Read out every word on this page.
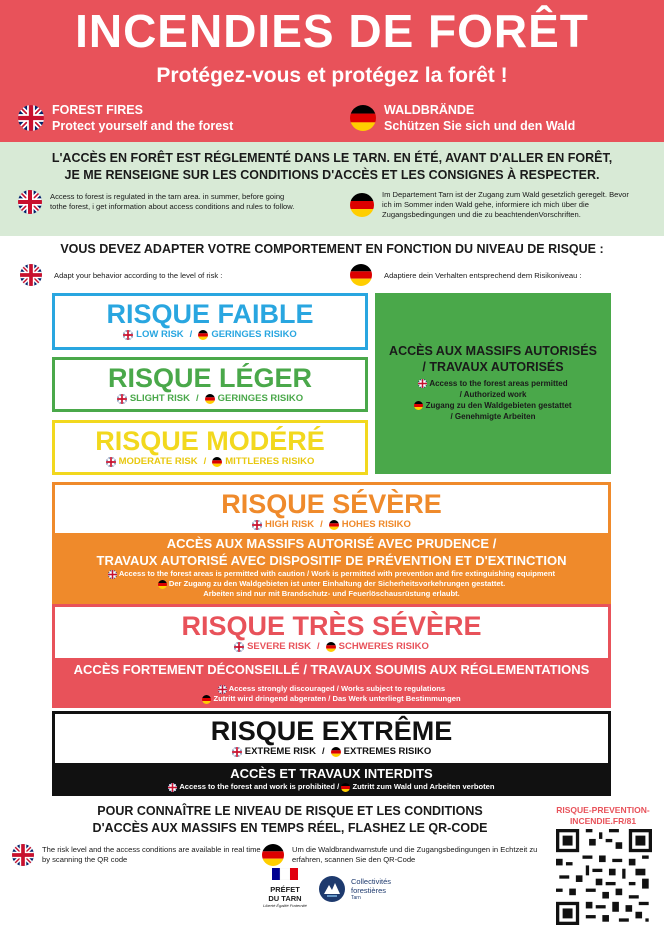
INCENDIES DE FORÊT
Protégez-vous et protégez la forêt !
FOREST FIRES
Protect yourself and the forest
WALDBRÄNDE
Schützen Sie sich und den Wald
L'ACCÈS EN FORÊT EST RÉGLEMENTÉ DANS LE TARN. EN ÉTÉ, AVANT D'ALLER EN FORÊT,
JE ME RENSEIGNE SUR LES CONDITIONS D'ACCÈS ET LES CONSIGNES À RESPECTER.
Access to forest is regulated in the tarn area. in summer, before going tothe forest, i get information about access conditions and rules to follow.
Im Departement Tarn ist der Zugang zum Wald gesetzlich geregelt. Bevor ich im Sommer inden Wald gehe, informiere ich mich über die Zugangsbedingungen und die zu beachtendenVorschriften.
VOUS DEVEZ ADAPTER VOTRE COMPORTEMENT EN FONCTION DU NIVEAU DE RISQUE :
Adapt your behavior according to the level of risk :	Adaptiere dein Verhalten entsprechend dem Risikoniveau :
RISQUE FAIBLE
LOW RISK / GERINGES RISIKO
RISQUE LÉGER
SLIGHT RISK / GERINGES RISIKO
RISQUE MODÉRÉ
MODERATE RISK / MITTLERES RISIKO
ACCÈS AUX MASSIFS AUTORISÉS
/ TRAVAUX AUTORISÉS
Access to the forest areas permitted
/ Authorized work
Zugang zu den Waldgebieten gestattet
/ Genehmigte Arbeiten
RISQUE SÉVÈRE
HIGH RISK / HOHES RISIKO
ACCÈS AUX MASSIFS AUTORISÉ AVEC PRUDENCE /
TRAVAUX AUTORISÉ AVEC DISPOSITIF DE PRÉVENTION ET D'EXTINCTION
Access to the forest areas is permitted with caution / Work is permitted with prevention and fire extinguishing equipment
Der Zugang zu den Waldgebieten ist unter Einhaltung der Sicherheitsvorkehrungen gestattet.
Arbeiten sind nur mit Brandschutz- und Feuerlöschausrüstung erlaubt.
RISQUE TRÈS SÉVÈRE
SEVERE RISK / SCHWERES RISIKO
ACCÈS FORTEMENT DÉCONSEILLÉ / TRAVAUX SOUMIS AUX RÉGLEMENTATIONS
Access strongly discouraged / Works subject to regulations
Zutritt wird dringend abgeraten / Das Werk unterliegt Bestimmungen
RISQUE EXTRÊME
EXTREME RISK / EXTREMES RISIKO
ACCÈS ET TRAVAUX INTERDITS
Access to the forest and work is prohibited / Zutritt zum Wald und Arbeiten verboten
POUR CONNAÎTRE LE NIVEAU DE RISQUE ET LES CONDITIONS
D'ACCÈS AUX MASSIFS EN TEMPS RÉEL, FLASHEZ LE QR-CODE
The risk level and the access conditions are available in real time by scanning the QR code
Um die Waldbrandwarnstufe und die Zugangsbedingungen in Echtzeit zu erfahren, scannen Sie den QR-Code
RISQUE-PREVENTION-
INCENDIE.FR/81
PRÉFET
DU TARN
Liberté Égalité Fraternité
Collectivités
forestières
Tarn
